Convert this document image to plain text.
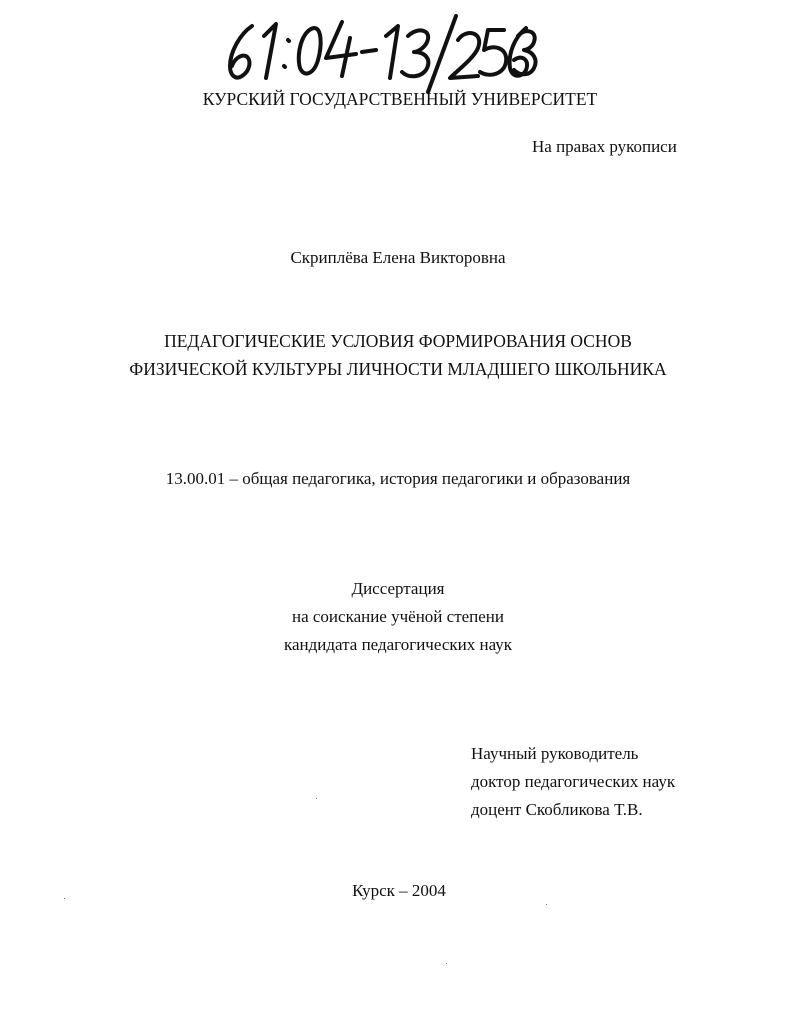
КУРСКИЙ ГОСУДАРСТВЕННЫЙ УНИВЕРСИТЕТ
На правах рукописи
Скриплёва Елена Викторовна
ПЕДАГОГИЧЕСКИЕ УСЛОВИЯ ФОРМИРОВАНИЯ ОСНОВ
ФИЗИЧЕСКОЙ КУЛЬТУРЫ ЛИЧНОСТИ МЛАДШЕГО ШКОЛЬНИКА
13.00.01 – общая педагогика, история педагогики и образования
Диссертация
на соискание учёной степени
кандидата педагогических наук
Научный руководитель
доктор педагогических наук
доцент Скобликова Т.В.
Курск – 2004
